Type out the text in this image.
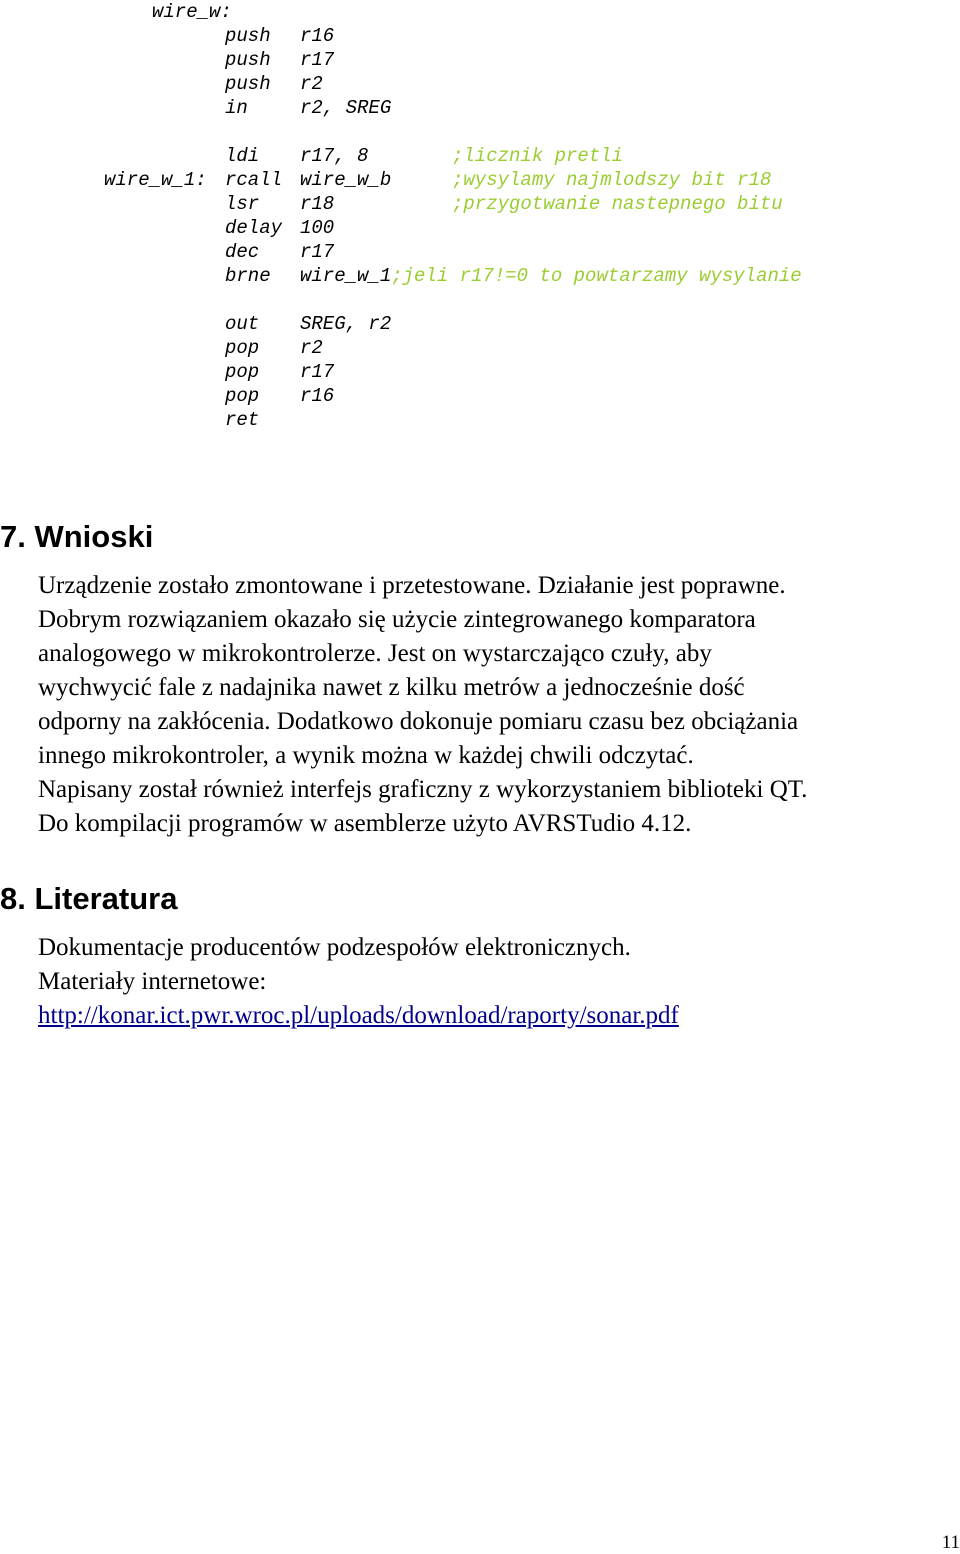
wire_w:
push r16
push r17
push r2
in	r2, SREG
ldi r17, 8	;licznik pretli
wire_w_1: rcall wire_w_b	;wysylamy najmlodszy bit r18
lsr r18	;przygotwanie nastepnego bitu
delay 100
dec r17
brne wire_w_1;jeli r17!=0 to powtarzamy wysylanie
out SREG, r2
pop r2
pop r17
pop r16
ret
7. Wnioski
Urządzenie zostało zmontowane i przetestowane. Działanie jest poprawne.
Dobrym rozwiązaniem okazało się użycie zintegrowanego komparatora
analogowego w mikrokontrolerze. Jest on wystarczająco czuły, aby
wychwycić fale z nadajnika nawet z kilku metrów a jednocześnie dość
odporny na zakłócenia. Dodatkowo dokonuje pomiaru czasu bez obciążania
innego mikrokontroler, a wynik można w każdej chwili odczytać.
Napisany został również interfejs graficzny z wykorzystaniem biblioteki QT.
Do kompilacji programów w asemblerze użyto AVRSTudio 4.12.
8. Literatura
Dokumentacje producentów podzespołów elektronicznych.
Materiały internetowe:
http://konar.ict.pwr.wroc.pl/uploads/download/raporty/sonar.pdf
11
